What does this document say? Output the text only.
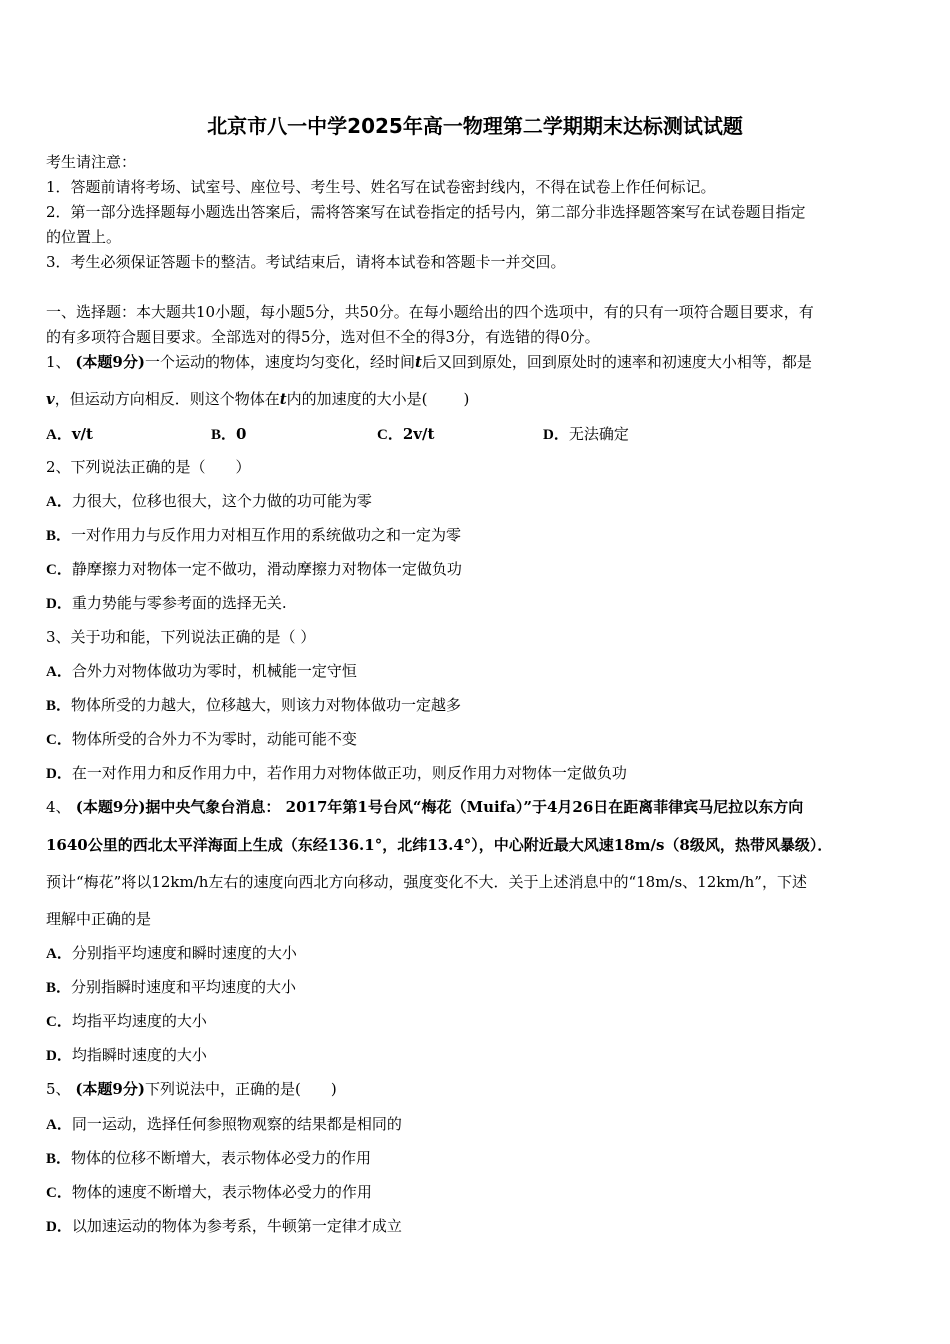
北京市八一中学2025年高一物理第二学期期末达标测试试题
考生请注意：
1．答题前请将考场、试室号、座位号、考生号、姓名写在试卷密封线内，不得在试卷上作任何标记。
2．第一部分选择题每小题选出答案后，需将答案写在试卷指定的括号内，第二部分非选择题答案写在试卷题目指定
的位置上。
3．考生必须保证答题卡的整洁。考试结束后，请将本试卷和答题卡一并交回。
一、选择题：本大题共10小题，每小题5分，共50分。在每小题给出的四个选项中，有的只有一项符合题目要求，有
的有多项符合题目要求。全部选对的得5分，选对但不全的得3分，有选错的得0分。
1、 (本题9分)一个运动的物体，速度均匀变化，经时间t后又回到原处，回到原处时的速率和初速度大小相等，都是
v，但运动方向相反．则这个物体在t内的加速度的大小是( )
A．v/t	B．0	C．2v/t	D．无法确定
2、下列说法正确的是（　　）
A．力很大，位移也很大，这个力做的功可能为零
B．一对作用力与反作用力对相互作用的系统做功之和一定为零
C．静摩擦力对物体一定不做功，滑动摩擦力对物体一定做负功
D．重力势能与零参考面的选择无关.
3、关于功和能，下列说法正确的是（ ）
A．合外力对物体做功为零时，机械能一定守恒
B．物体所受的力越大，位移越大，则该力对物体做功一定越多
C．物体所受的合外力不为零时，动能可能不变
D．在一对作用力和反作用力中，若作用力对物体做正功，则反作用力对物体一定做负功
4、 (本题9分)据中央气象台消息： 2017年第1号台风“梅花（Muifa）”于4月26日在距离菲律宾马尼拉以东方向
1640公里的西北太平洋海面上生成（东经136.1°，北纬13.4°），中心附近最大风速18m/s（8级风，热带风暴级）．
预计“梅花”将以12km/h左右的速度向西北方向移动，强度变化不大．关于上述消息中的“18m/s、12km/h”，下述
理解中正确的是
A．分别指平均速度和瞬时速度的大小
B．分别指瞬时速度和平均速度的大小
C．均指平均速度的大小
D．均指瞬时速度的大小
5、 (本题9分)下列说法中，正确的是(　　)
A．同一运动，选择任何参照物观察的结果都是相同的
B．物体的位移不断增大，表示物体必受力的作用
C．物体的速度不断增大，表示物体必受力的作用
D．以加速运动的物体为参考系，牛顿第一定律才成立
